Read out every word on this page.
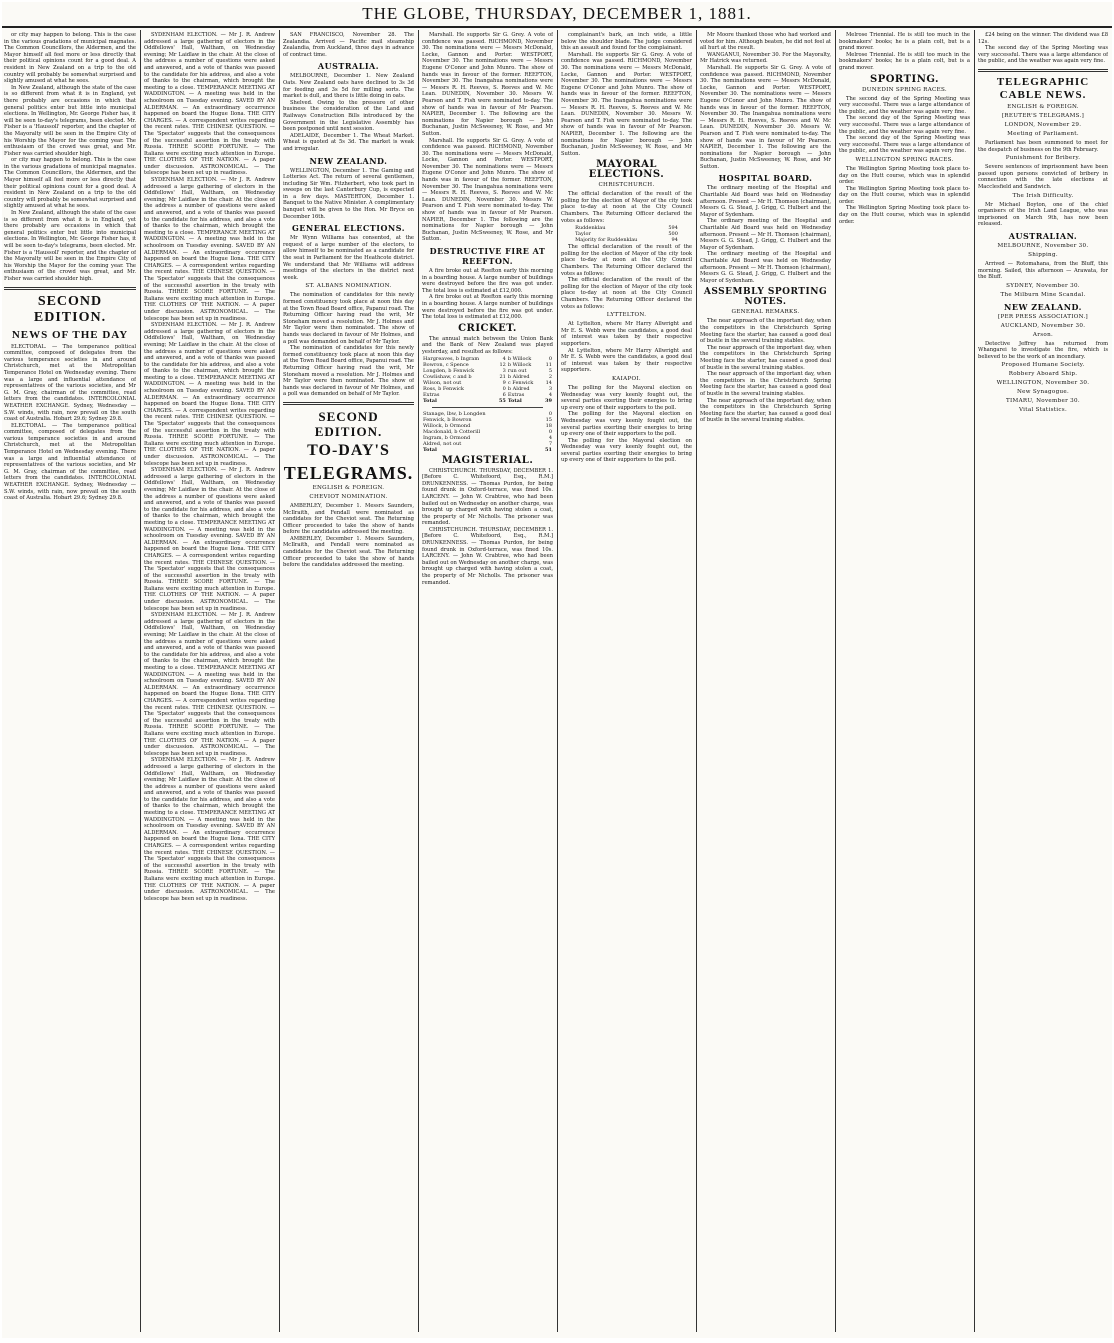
THE GLOBE, THURSDAY, DECEMBER 1, 1881.

or city may happen to belong. This is the case in the various gradations of municipal magnates. The Common Councillors, the Aldermen, and the Mayor himself all feel more or less directly that their political opinions count for a good deal. A resident in New Zealand on a trip to the old country will probably be somewhat surprised and slightly amused at what he sees.

In New Zealand, although the state of the case is so different from what it is in England, yet there probably are occasions in which that general politics enter but little into municipal elections. In Wellington, Mr. George Fisher has, it will be seen to-day's telegrams, been elected. Mr. Fisher is a 'Haussoll' reporter, and the chapter of the Mayoralty will be seen in the Empire City of his Worship the Mayor for the coming year. The enthusiasm of the crowd was great, and Mr. Fisher was carried shoulder high.

or city may happen to belong. This is the case in the various gradations of municipal magnates. The Common Councillors, the Aldermen, and the Mayor himself all feel more or less directly that their political opinions count for a good deal. A resident in New Zealand on a trip to the old country will probably be somewhat surprised and slightly amused at what he sees.

In New Zealand, although the state of the case is so different from what it is in England, yet there probably are occasions in which that general politics enter but little into municipal elections. In Wellington, Mr. George Fisher has, it will be seen to-day's telegrams, been elected. Mr. Fisher is a 'Haussoll' reporter, and the chapter of the Mayoralty will be seen in the Empire City of his Worship the Mayor for the coming year. The enthusiasm of the crowd was great, and Mr. Fisher was carried shoulder high.

SECOND EDITION.
NEWS OF THE DAY

ELECTORAL. — The temperance political committee, composed of delegates from the various temperance societies in and around Christchurch, met at the Metropolitan Temperance Hotel on Wednesday evening. There was a large and influential attendance of representatives of the various societies, and Mr G. M. Gray, chairman of the committee, read letters from the candidates. INTERCOLONIAL WEATHER EXCHANGE. Sydney, Wednesday — S.W. winds, with rain, now prevail on the south coast of Australia. Hobart 29.6; Sydney 29.8.

ELECTORAL. — The temperance political committee, composed of delegates from the various temperance societies in and around Christchurch, met at the Metropolitan Temperance Hotel on Wednesday evening. There was a large and influential attendance of representatives of the various societies, and Mr G. M. Gray, chairman of the committee, read letters from the candidates. INTERCOLONIAL WEATHER EXCHANGE. Sydney, Wednesday — S.W. winds, with rain, now prevail on the south coast of Australia. Hobart 29.6; Sydney 29.8.

SYDENHAM ELECTION. — Mr J. R. Andrew addressed a large gathering of electors in the Oddfellows' Hall, Waltham, on Wednesday evening; Mr Laidlaw in the chair. At the close of the address a number of questions were asked and answered, and a vote of thanks was passed to the candidate for his address, and also a vote of thanks to the chairman, which brought the meeting to a close. TEMPERANCE MEETING AT WADDINGTON. — A meeting was held in the schoolroom on Tuesday evening. SAVED BY AN ALDERMAN. — An extraordinary occurrence happened on board the Hugue Ilona. THE CITY CHARGES. — A correspondent writes regarding the recent rates. THE CHINESE QUESTION. — The 'Spectator' suggests that the consequences of the successful assertion in the treaty with Russia. THREE SCORE FORTUNE. — The Italians were exciting much attention in Europe. THE CLOTHES OF THE NATION. — A paper under discussion. ASTRONOMICAL. — The telescope has been set up in readiness.

SYDENHAM ELECTION. — Mr J. R. Andrew addressed a large gathering of electors in the Oddfellows' Hall, Waltham, on Wednesday evening; Mr Laidlaw in the chair. At the close of the address a number of questions were asked and answered, and a vote of thanks was passed to the candidate for his address, and also a vote of thanks to the chairman, which brought the meeting to a close. TEMPERANCE MEETING AT WADDINGTON. — A meeting was held in the schoolroom on Tuesday evening. SAVED BY AN ALDERMAN. — An extraordinary occurrence happened on board the Hugue Ilona. THE CITY CHARGES. — A correspondent writes regarding the recent rates. THE CHINESE QUESTION. — The 'Spectator' suggests that the consequences of the successful assertion in the treaty with Russia. THREE SCORE FORTUNE. — The Italians were exciting much attention in Europe. THE CLOTHES OF THE NATION. — A paper under discussion. ASTRONOMICAL. — The telescope has been set up in readiness.

SYDENHAM ELECTION. — Mr J. R. Andrew addressed a large gathering of electors in the Oddfellows' Hall, Waltham, on Wednesday evening; Mr Laidlaw in the chair. At the close of the address a number of questions were asked and answered, and a vote of thanks was passed to the candidate for his address, and also a vote of thanks to the chairman, which brought the meeting to a close. TEMPERANCE MEETING AT WADDINGTON. — A meeting was held in the schoolroom on Tuesday evening. SAVED BY AN ALDERMAN. — An extraordinary occurrence happened on board the Hugue Ilona. THE CITY CHARGES. — A correspondent writes regarding the recent rates. THE CHINESE QUESTION. — The 'Spectator' suggests that the consequences of the successful assertion in the treaty with Russia. THREE SCORE FORTUNE. — The Italians were exciting much attention in Europe. THE CLOTHES OF THE NATION. — A paper under discussion. ASTRONOMICAL. — The telescope has been set up in readiness.

SYDENHAM ELECTION. — Mr J. R. Andrew addressed a large gathering of electors in the Oddfellows' Hall, Waltham, on Wednesday evening; Mr Laidlaw in the chair. At the close of the address a number of questions were asked and answered, and a vote of thanks was passed to the candidate for his address, and also a vote of thanks to the chairman, which brought the meeting to a close. TEMPERANCE MEETING AT WADDINGTON. — A meeting was held in the schoolroom on Tuesday evening. SAVED BY AN ALDERMAN. — An extraordinary occurrence happened on board the Hugue Ilona. THE CITY CHARGES. — A correspondent writes regarding the recent rates. THE CHINESE QUESTION. — The 'Spectator' suggests that the consequences of the successful assertion in the treaty with Russia. THREE SCORE FORTUNE. — The Italians were exciting much attention in Europe. THE CLOTHES OF THE NATION. — A paper under discussion. ASTRONOMICAL. — The telescope has been set up in readiness.

SYDENHAM ELECTION. — Mr J. R. Andrew addressed a large gathering of electors in the Oddfellows' Hall, Waltham, on Wednesday evening; Mr Laidlaw in the chair. At the close of the address a number of questions were asked and answered, and a vote of thanks was passed to the candidate for his address, and also a vote of thanks to the chairman, which brought the meeting to a close. TEMPERANCE MEETING AT WADDINGTON. — A meeting was held in the schoolroom on Tuesday evening. SAVED BY AN ALDERMAN. — An extraordinary occurrence happened on board the Hugue Ilona. THE CITY CHARGES. — A correspondent writes regarding the recent rates. THE CHINESE QUESTION. — The 'Spectator' suggests that the consequences of the successful assertion in the treaty with Russia. THREE SCORE FORTUNE. — The Italians were exciting much attention in Europe. THE CLOTHES OF THE NATION. — A paper under discussion. ASTRONOMICAL. — The telescope has been set up in readiness.

SYDENHAM ELECTION. — Mr J. R. Andrew addressed a large gathering of electors in the Oddfellows' Hall, Waltham, on Wednesday evening; Mr Laidlaw in the chair. At the close of the address a number of questions were asked and answered, and a vote of thanks was passed to the candidate for his address, and also a vote of thanks to the chairman, which brought the meeting to a close. TEMPERANCE MEETING AT WADDINGTON. — A meeting was held in the schoolroom on Tuesday evening. SAVED BY AN ALDERMAN. — An extraordinary occurrence happened on board the Hugue Ilona. THE CITY CHARGES. — A correspondent writes regarding the recent rates. THE CHINESE QUESTION. — The 'Spectator' suggests that the consequences of the successful assertion in the treaty with Russia. THREE SCORE FORTUNE. — The Italians were exciting much attention in Europe. THE CLOTHES OF THE NATION. — A paper under discussion. ASTRONOMICAL. — The telescope has been set up in readiness.

SAN FRANCISCO, November 28. The Zealandia. Arrived — Pacific mail steamship Zealandia, from Auckland, three days in advance of contract time.

AUSTRALIA.

MELBOURNE, December 1. New Zealand Oats. New Zealand oats have declined to 3s 3d for feeding and 3s 5d for milling sorts. The market is dull, and there is little doing in oats.

Shelved. Owing to the pressure of other business the consideration of the Land and Railways Construction Bills introduced by the Government in the Legislative Assembly has been postponed until next session.

ADELAIDE, December 1. The Wheat Market. Wheat is quoted at 5s 3d. The market is weak and irregular.

NEW ZEALAND.

WELLINGTON, December 1. The Gaming and Lotteries Act. The return of several gentlemen, including Sir Wm. Fitzherbert, who took part in sweeps on the last Canterbury Cup, is expected in a few days. MASTERTON, December 1. Banquet to the Native Minister. A complimentary banquet will be given to the Hon. Mr Bryce on December 16th.

GENERAL ELECTIONS.

Mr Wynn Williams has consented, at the request of a large number of the electors, to allow himself to be nominated as a candidate for the seat in Parliament for the Heathcote district. We understand that Mr Williams will address meetings of the electors in the district next week.

ST. ALBANS NOMINATION.

The nomination of candidates for this newly formed constituency took place at noon this day at the Town Road Board office, Papanui road. The Returning Officer having read the writ, Mr Stoneham moved a resolution. Mr J. Holmes and Mr Taylor were then nominated. The show of hands was declared in favour of Mr Holmes, and a poll was demanded on behalf of Mr Taylor.

The nomination of candidates for this newly formed constituency took place at noon this day at the Town Road Board office, Papanui road. The Returning Officer having read the writ, Mr Stoneham moved a resolution. Mr J. Holmes and Mr Taylor were then nominated. The show of hands was declared in favour of Mr Holmes, and a poll was demanded on behalf of Mr Taylor.

SECOND EDITION.
TO-DAY'S
TELEGRAMS.
ENGLISH & FOREIGN.
CHEVIOT NOMINATION.

AMBERLEY, December 1. Messrs Saunders, McIlraith, and Fendall were nominated as candidates for the Cheviot seat. The Returning Officer proceeded to take the show of hands before the candidates addressed the meeting.

AMBERLEY, December 1. Messrs Saunders, McIlraith, and Fendall were nominated as candidates for the Cheviot seat. The Returning Officer proceeded to take the show of hands before the candidates addressed the meeting.

Marshall. He supports Sir G. Grey. A vote of confidence was passed. RICHMOND, November 30. The nominations were — Messrs McDonald, Locke, Gannon and Porter. WESTPORT, November 30. The nominations were — Messrs Eugene O'Conor and John Munro. The show of hands was in favour of the former. REEFTON, November 30. The Inangahua nominations were — Messrs R. H. Reeves, S. Reeves and W. Mc Lean. DUNEDIN, November 30. Messrs W. Pearson and T. Fish were nominated to-day. The show of hands was in favour of Mr Pearson. NAPIER, December 1. The following are the nominations for Napier borough — John Buchanan, Justin McSweeney, W. Rose, and Mr Sutton.

Marshall. He supports Sir G. Grey. A vote of confidence was passed. RICHMOND, November 30. The nominations were — Messrs McDonald, Locke, Gannon and Porter. WESTPORT, November 30. The nominations were — Messrs Eugene O'Conor and John Munro. The show of hands was in favour of the former. REEFTON, November 30. The Inangahua nominations were — Messrs R. H. Reeves, S. Reeves and W. Mc Lean. DUNEDIN, November 30. Messrs W. Pearson and T. Fish were nominated to-day. The show of hands was in favour of Mr Pearson. NAPIER, December 1. The following are the nominations for Napier borough — John Buchanan, Justin McSweeney, W. Rose, and Mr Sutton.

DESTRUCTIVE FIRE AT REEFTON.

A fire broke out at Reefton early this morning in a boarding house. A large number of buildings were destroyed before the fire was got under. The total loss is estimated at £12,000.

A fire broke out at Reefton early this morning in a boarding house. A large number of buildings were destroyed before the fire was got under. The total loss is estimated at £12,000.

CRICKET.

The annual match between the Union Bank and the Bank of New Zealand was played yesterday, and resulted as follows:

Hargreaves, b Ingram	4	b Willock	0
Bowron, c Spence	12	b Willock	11
Longden, b Fenwick	3	run out	5
Cowlishaw, c and b	21	b Aldred	2
Wilson, not out	9	c Fenwick	14
Ross, b Fenwick	0	b Aldred	3
Extras	6	Extras	4
Total	55	Total	39
Stanage, lbw, b Longden	0
Fenwick, b Bowron	15
Willock, b Ormond	18
Macdonald, b Cotterill	0
Ingram, b Ormond	4
Aldred, not out	7
Total	51
MAGISTERIAL.

CHRISTCHURCH. THURSDAY, DECEMBER 1. [Before C. Whitefoord, Esq., R.M.] DRUNKENNESS. — Thomas Purdon, for being found drunk in Oxford-terrace, was fined 10s. LARCENY. — John W. Crabtree, who had been bailed out on Wednesday on another charge, was brought up charged with having stolen a coat, the property of Mr Nicholls. The prisoner was remanded.

CHRISTCHURCH. THURSDAY, DECEMBER 1. [Before C. Whitefoord, Esq., R.M.] DRUNKENNESS. — Thomas Purdon, for being found drunk in Oxford-terrace, was fined 10s. LARCENY. — John W. Crabtree, who had been bailed out on Wednesday on another charge, was brought up charged with having stolen a coat, the property of Mr Nicholls. The prisoner was remanded.

complainant's bark, an inch wide, a little below the shoulder blade. The judge considered this an assault and found for the complainant.

Marshall. He supports Sir G. Grey. A vote of confidence was passed. RICHMOND, November 30. The nominations were — Messrs McDonald, Locke, Gannon and Porter. WESTPORT, November 30. The nominations were — Messrs Eugene O'Conor and John Munro. The show of hands was in favour of the former. REEFTON, November 30. The Inangahua nominations were — Messrs R. H. Reeves, S. Reeves and W. Mc Lean. DUNEDIN, November 30. Messrs W. Pearson and T. Fish were nominated to-day. The show of hands was in favour of Mr Pearson. NAPIER, December 1. The following are the nominations for Napier borough — John Buchanan, Justin McSweeney, W. Rose, and Mr Sutton.

MAYORAL ELECTIONS.
CHRISTCHURCH.

The official declaration of the result of the polling for the election of Mayor of the city took place to-day at noon at the City Council Chambers. The Returning Officer declared the votes as follows:

Ruddenklau	594
Taylor	500
Majority for Ruddenklau	94

The official declaration of the result of the polling for the election of Mayor of the city took place to-day at noon at the City Council Chambers. The Returning Officer declared the votes as follows:

The official declaration of the result of the polling for the election of Mayor of the city took place to-day at noon at the City Council Chambers. The Returning Officer declared the votes as follows:

LYTTELTON.

At Lyttelton, where Mr Harry Allwright and Mr E. S. Webb were the candidates, a good deal of interest was taken by their respective supporters.

At Lyttelton, where Mr Harry Allwright and Mr E. S. Webb were the candidates, a good deal of interest was taken by their respective supporters.

KAIAPOI.

The polling for the Mayoral election on Wednesday was very keenly fought out, the several parties exerting their energies to bring up every one of their supporters to the poll.

The polling for the Mayoral election on Wednesday was very keenly fought out, the several parties exerting their energies to bring up every one of their supporters to the poll.

The polling for the Mayoral election on Wednesday was very keenly fought out, the several parties exerting their energies to bring up every one of their supporters to the poll.

Mr Moore thanked those who had worked and voted for him. Although beaten, he did not feel at all hurt at the result.

WANGANUI, November 30. For the Mayoralty, Mr Hatrick was returned.

Marshall. He supports Sir G. Grey. A vote of confidence was passed. RICHMOND, November 30. The nominations were — Messrs McDonald, Locke, Gannon and Porter. WESTPORT, November 30. The nominations were — Messrs Eugene O'Conor and John Munro. The show of hands was in favour of the former. REEFTON, November 30. The Inangahua nominations were — Messrs R. H. Reeves, S. Reeves and W. Mc Lean. DUNEDIN, November 30. Messrs W. Pearson and T. Fish were nominated to-day. The show of hands was in favour of Mr Pearson. NAPIER, December 1. The following are the nominations for Napier borough — John Buchanan, Justin McSweeney, W. Rose, and Mr Sutton.

HOSPITAL BOARD.

The ordinary meeting of the Hospital and Charitable Aid Board was held on Wednesday afternoon. Present — Mr H. Thomson (chairman), Messrs G. G. Stead, J. Grigg, C. Hulbert and the Mayor of Sydenham.

The ordinary meeting of the Hospital and Charitable Aid Board was held on Wednesday afternoon. Present — Mr H. Thomson (chairman), Messrs G. G. Stead, J. Grigg, C. Hulbert and the Mayor of Sydenham.

The ordinary meeting of the Hospital and Charitable Aid Board was held on Wednesday afternoon. Present — Mr H. Thomson (chairman), Messrs G. G. Stead, J. Grigg, C. Hulbert and the Mayor of Sydenham.

ASSEMBLY SPORTING NOTES.
GENERAL REMARKS.

The near approach of the important day, when the competitors in the Christchurch Spring Meeting face the starter, has caused a good deal of bustle in the several training stables.

The near approach of the important day, when the competitors in the Christchurch Spring Meeting face the starter, has caused a good deal of bustle in the several training stables.

The near approach of the important day, when the competitors in the Christchurch Spring Meeting face the starter, has caused a good deal of bustle in the several training stables.

The near approach of the important day, when the competitors in the Christchurch Spring Meeting face the starter, has caused a good deal of bustle in the several training stables.

Melrose Triennial. He is still too much in the bookmakers' books; he is a plain colt, but is a grand mover.

Melrose Triennial. He is still too much in the bookmakers' books; he is a plain colt, but is a grand mover.

SPORTING.
DUNEDIN SPRING RACES.

The second day of the Spring Meeting was very successful. There was a large attendance of the public, and the weather was again very fine.

The second day of the Spring Meeting was very successful. There was a large attendance of the public, and the weather was again very fine.

The second day of the Spring Meeting was very successful. There was a large attendance of the public, and the weather was again very fine.

WELLINGTON SPRING RACES.

The Wellington Spring Meeting took place to-day on the Hutt course, which was in splendid order.

The Wellington Spring Meeting took place to-day on the Hutt course, which was in splendid order.

The Wellington Spring Meeting took place to-day on the Hutt course, which was in splendid order.

£24 being on the winner. The dividend was £8 12s.

The second day of the Spring Meeting was very successful. There was a large attendance of the public, and the weather was again very fine.

TELEGRAPHIC CABLE NEWS.
ENGLISH & FOREIGN.
[REUTER'S TELEGRAMS.]
LONDON, November 29.
Meeting of Parliament.

Parliament has been summoned to meet for the despatch of business on the 9th February.

Punishment for Bribery.

Severe sentences of imprisonment have been passed upon persons convicted of bribery in connection with the late elections at Macclesfield and Sandwich.

The Irish Difficulty.

Mr Michael Boyton, one of the chief organisers of the Irish Land League, who was imprisoned on March 9th, has now been released.

AUSTRALIAN.
MELBOURNE, November 30.
Shipping.

Arrived — Rotomahana, from the Bluff, this morning. Sailed, this afternoon — Arawata, for the Bluff.

SYDNEY, November 30.
The Milburn Mine Scandal.
NEW ZEALAND.
[PER PRESS ASSOCIATION.]
AUCKLAND, November 30.
Arson.

Detective Jeffrey has returned from Whangarei to investigate the fire, which is believed to be the work of an incendiary.

Proposed Humane Society.
Robbery Aboard Ship.
WELLINGTON, November 30.
New Synagogue.
TIMARU, November 30.
Vital Statistics.
